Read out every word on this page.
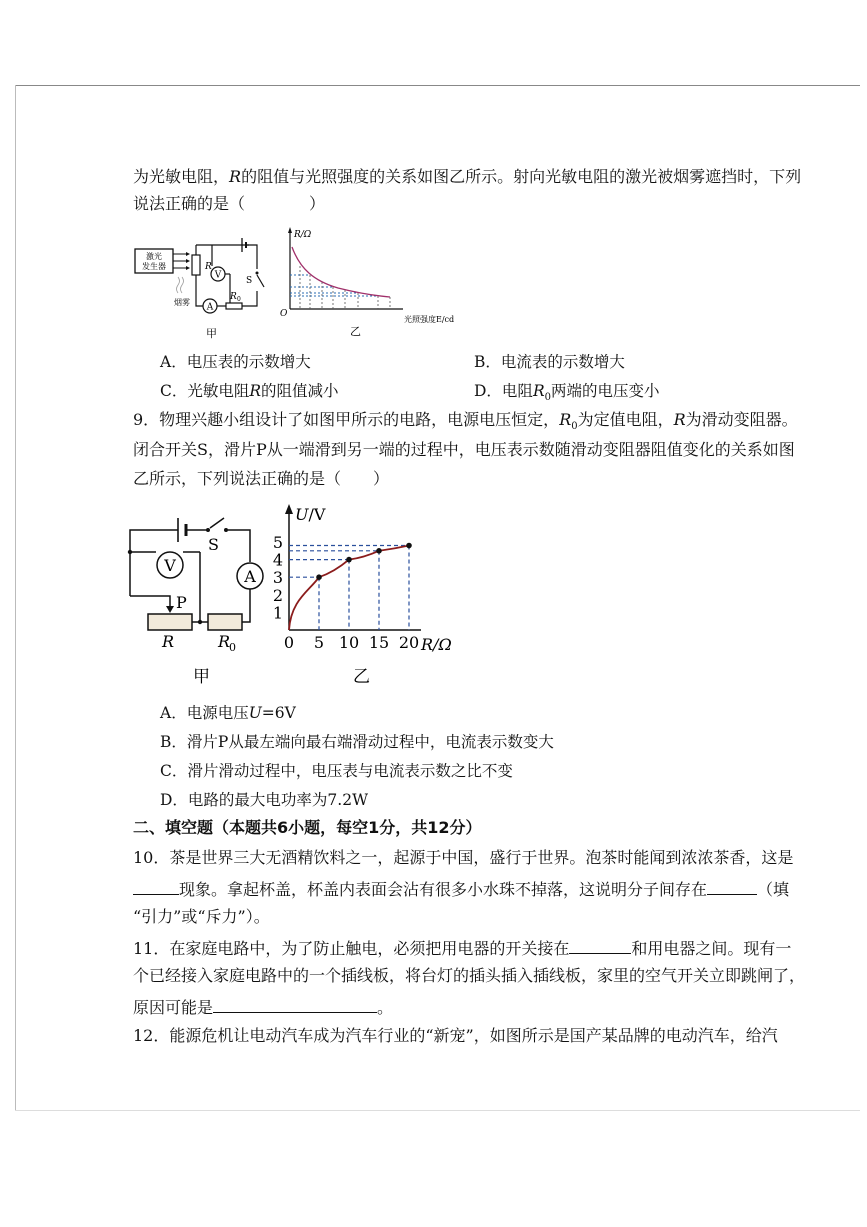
为光敏电阻，R的阻值与光照强度的关系如图乙所示。射向光敏电阻的激光被烟雾遮挡时，下列
说法正确的是（　　　　）
激光
发生器
烟雾
R
S
V
A
R 0
甲
R/Ω
O
光照强度E/cd
乙
A．电压表的示数增大	B．电流表的示数增大
C．光敏电阻R的阻值减小	D．电阻$R_0$两端的电压变小
9．物理兴趣小组设计了如图甲所示的电路，电源电压恒定，$R_0$为定值电阻，R为滑动变阻器。
闭合开关S，滑片P从一端滑到另一端的过程中，电压表示数随滑动变阻器阻值变化的关系如图
乙所示，下列说法正确的是（　　）
S
A
V
P
R	R
0
甲
U/V
R/Ω
乙
0 5 10 15 20
1
2
3
4
5
A．电源电压U=6V
B．滑片P从最左端向最右端滑动过程中，电流表示数变大
C．滑片滑动过程中，电压表与电流表示数之比不变
D．电路的最大电功率为7.2W
二、填空题（本题共6小题，每空1分，共12分）
10．茶是世界三大无酒精饮料之一，起源于中国，盛行于世界。泡茶时能闻到浓浓茶香，这是
现象。拿起杯盖，杯盖内表面会沾有很多小水珠不掉落，这说明分子间存在	（填
“引力”或“斥力”）。
11．在家庭电路中，为了防止触电，必须把用电器的开关接在	和用电器之间。现有一
个已经接入家庭电路中的一个插线板，将台灯的插头插入插线板，家里的空气开关立即跳闸了，
原因可能是	。
12．能源危机让电动汽车成为汽车行业的“新宠”，如图所示是国产某品牌的电动汽车，给汽
